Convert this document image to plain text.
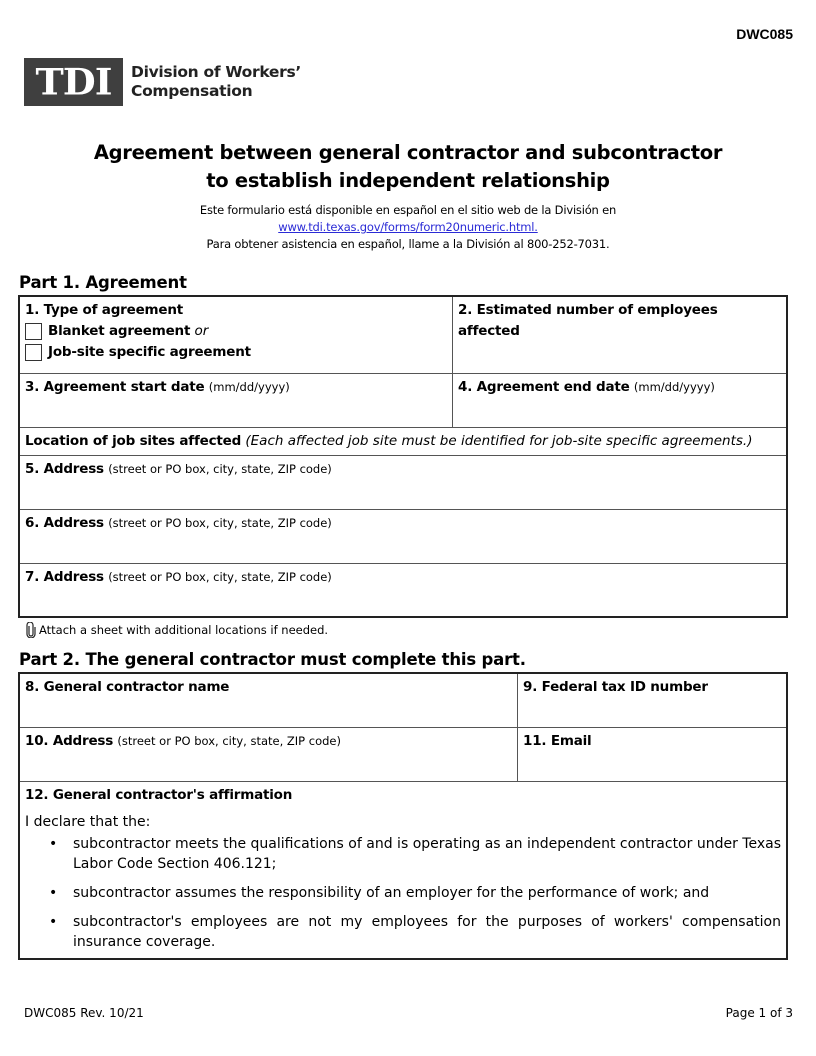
DWC085
TDI Division of Workers’
Compensation
Agreement between general contractor and subcontractor
to establish independent relationship
Este formulario está disponible en español en el sitio web de la División en
www.tdi.texas.gov/forms/form20numeric.html.
Para obtener asistencia en español, llame a la División al 800-252-7031.
Part 1. Agreement
1. Type of agreement
Blanket agreement
or
Job-site specific agreement
2. Estimated number of employees affected
3. Agreement start date (mm/dd/yyyy)	4. Agreement end date (mm/dd/yyyy)
Location of job sites affected (Each affected job site must be identified for job-site specific agreements.)
5. Address (street or PO box, city, state, ZIP code)
6. Address (street or PO box, city, state, ZIP code)
7. Address (street or PO box, city, state, ZIP code)
Attach a sheet with additional locations if needed.
Part 2. The general contractor must complete this part.
8. General contractor name	9. Federal tax ID number
10. Address (street or PO box, city, state, ZIP code)	11. Email
12. General contractor's affirmation
I declare that the:
• subcontractor meets the qualifications of and is operating as an independent contractor under Texas Labor Code Section 406.121;
• subcontractor assumes the responsibility of an employer for the performance of work; and
• subcontractor's employees are not my employees for the purposes of workers' compensation insurance coverage.
DWC085 Rev. 10/21	Page 1 of 3
